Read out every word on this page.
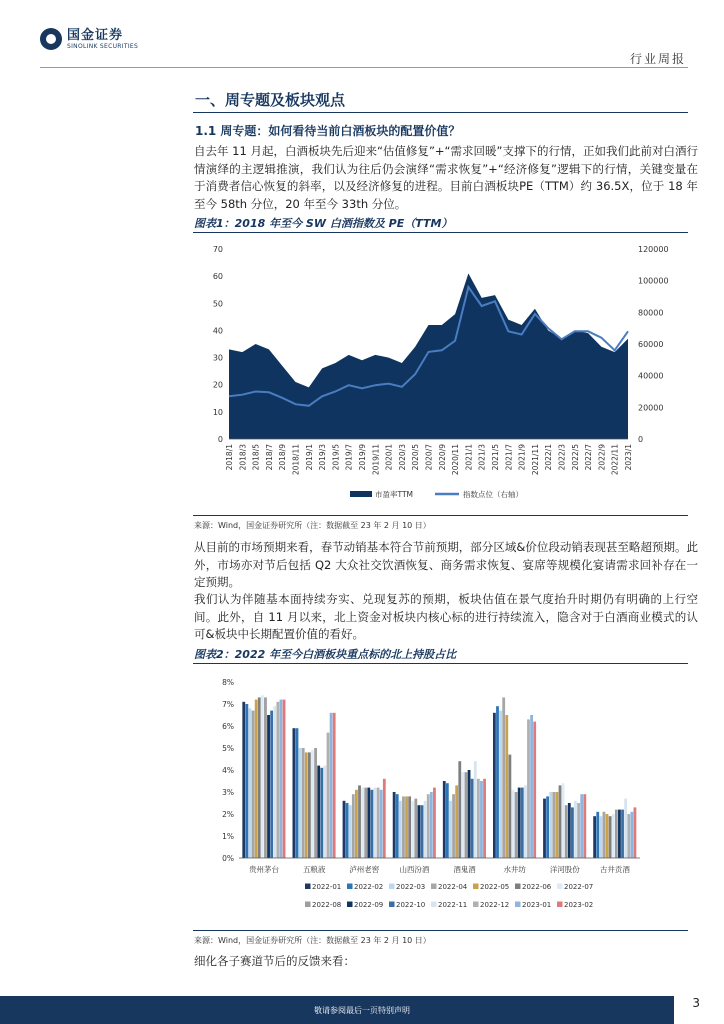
国金证券
SINOLINK SECURITIES
行业周报
一、周专题及板块观点
1.1 周专题：如何看待当前白酒板块的配置价值？
自去年 11 月起，白酒板块先后迎来“估值修复”+“需求回暖”支撑下的行情，正如我们此前对白酒行情演绎的主逻辑推演，我们认为往后仍会演绎“需求恢复”+“经济修复”逻辑下的行情，关键变量在于消费者信心恢复的斜率，以及经济修复的进程。目前白酒板块PE（TTM）约 36.5X，位于 18 年至今 58th 分位，20 年至今 33th 分位。
图表1：2018 年至今 SW 白酒指数及 PE（TTM）
0
10
20
30
40
50
60
70
0
20000
40000
60000
80000
100000
120000
2018/1 2018/3 2018/5 2018/7 2018/9 2018/11 2019/1 2019/3 2019/5 2019/7 2019/9 2019/11 2020/1 2020/3 2020/5 2020/7 2020/9 2020/11 2021/1 2021/3 2021/5 2021/7 2021/9 2021/11 2022/1 2022/3 2022/5 2022/7 2022/9 2022/11 2023/1
市盈率TTM	指数点位（右轴）
来源：Wind，国金证券研究所（注：数据截至 23 年 2 月 10 日）
从目前的市场预期来看，春节动销基本符合节前预期，部分区域&价位段动销表现甚至略超预期。此外，市场亦对节后包括 Q2 大众社交饮酒恢复、商务需求恢复、宴席等规模化宴请需求回补存在一定预期。
我们认为伴随基本面持续夯实、兑现复苏的预期，板块估值在景气度抬升时期仍有明确的上行空间。此外，自 11 月以来，北上资金对板块内核心标的进行持续流入，隐含对于白酒商业模式的认可&板块中长期配置价值的看好。
图表2：2022 年至今白酒板块重点标的北上持股占比
0%
1%
2%
3%
4%
5%
6%
7%
8%
贵州茅台	五粮液	泸州老窖	山西汾酒	酒鬼酒	水井坊	洋河股份	古井贡酒
2022-01 2022-02 2022-03 2022-04 2022-05 2022-06 2022-07
2022-08 2022-09 2022-10 2022-11 2022-12 2023-01 2023-02
来源：Wind，国金证券研究所（注：数据截至 23 年 2 月 10 日）
细化各子赛道节后的反馈来看：
敬请参阅最后一页特别声明
3
